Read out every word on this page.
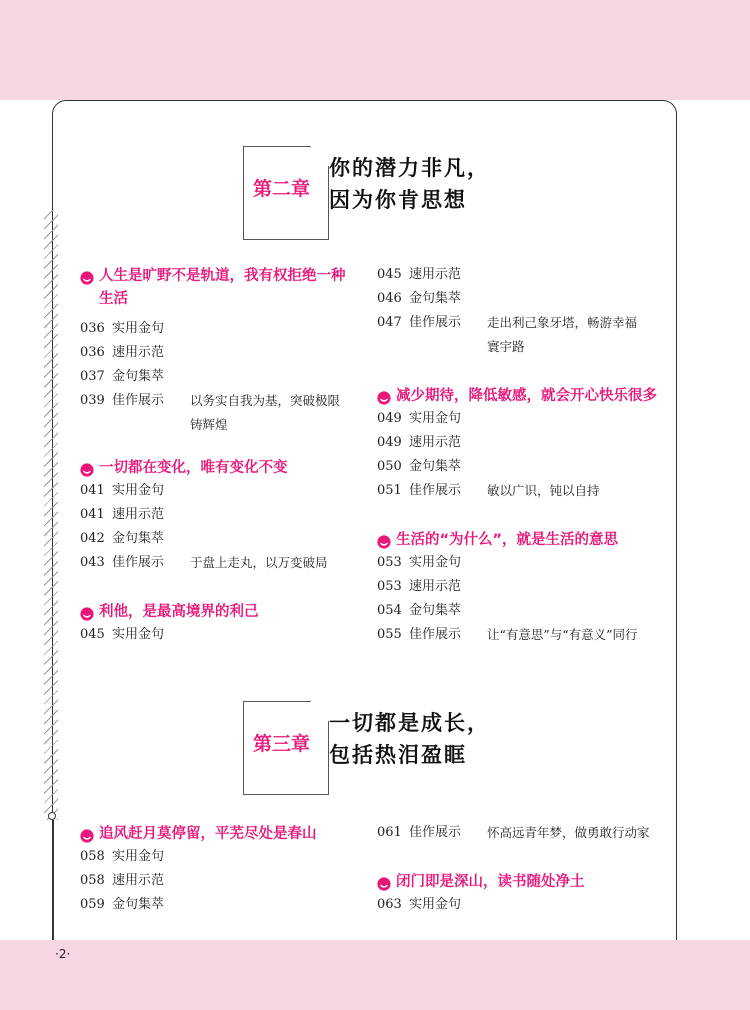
第二章
你的潜力非凡，
因为你肯思想
第三章
一切都是成长，
包括热泪盈眶
人生是旷野不是轨道，我有权拒绝一种
生活
036 实用金句
036 速用示范
037 金句集萃
039 佳作展示 以务实自我为基，突破极限
铸辉煌
一切都在变化，唯有变化不变
041 实用金句
041 速用示范
042 金句集萃
043 佳作展示 于盘上走丸，以万变破局
利他，是最高境界的利己
045 实用金句
045 速用示范
046 金句集萃
047 佳作展示 走出利己象牙塔，畅游幸福
寰宇路
减少期待，降低敏感，就会开心快乐很多
049 实用金句
049 速用示范
050 金句集萃
051 佳作展示 敏以广识，钝以自持
生活的“为什么”，就是生活的意思
053 实用金句
053 速用示范
054 金句集萃
055 佳作展示 让“有意思”与“有意义”同行
追风赶月莫停留，平芜尽处是春山
058 实用金句
058 速用示范
059 金句集萃
061 佳作展示 怀高远青年梦，做勇敢行动家
闭门即是深山，读书随处净土
063 实用金句
·2·
